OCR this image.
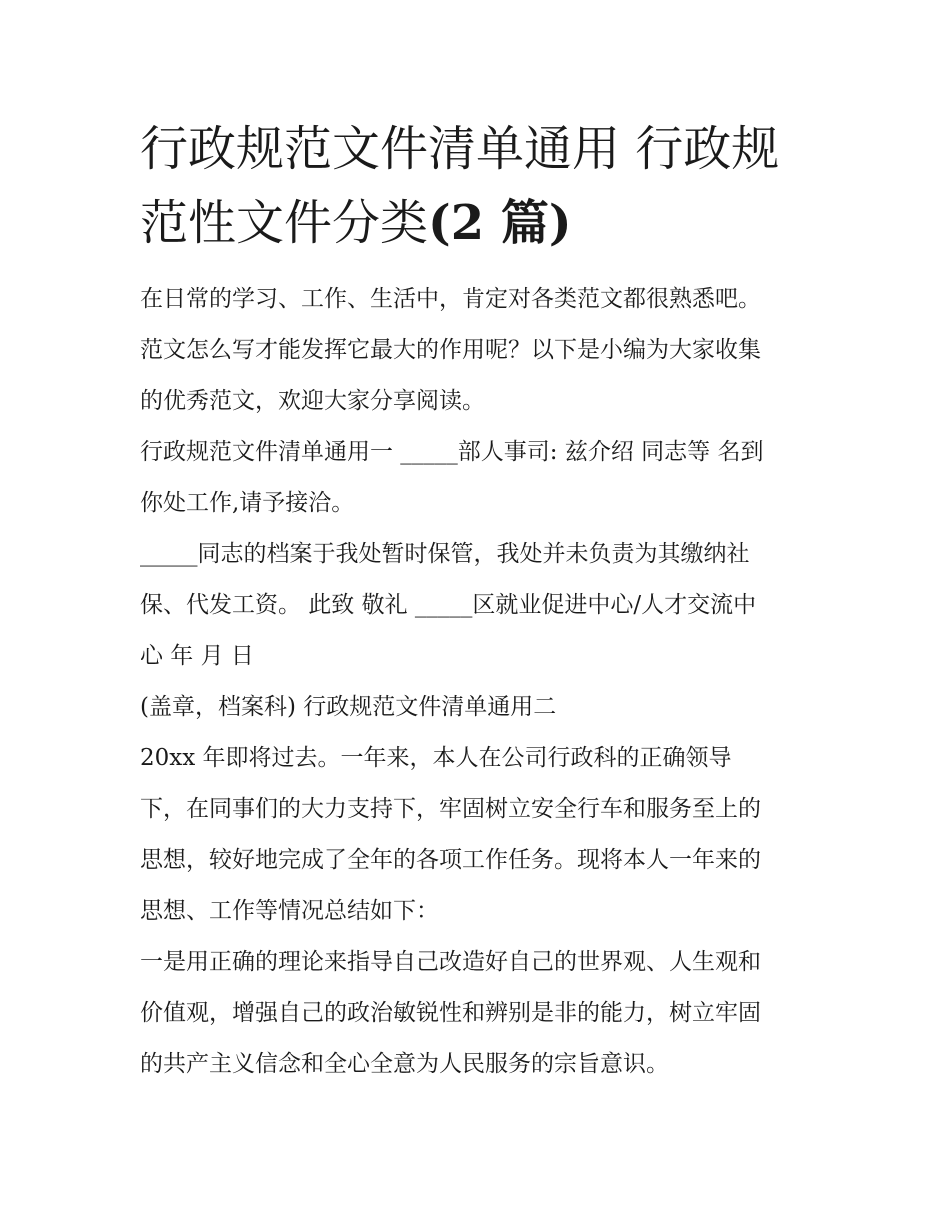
行政规范文件清单通用 行政规
范性文件分类(2 篇)
在日常的学习、工作、生活中，肯定对各类范文都很熟悉吧。
范文怎么写才能发挥它最大的作用呢？以下是小编为大家收集
的优秀范文，欢迎大家分享阅读。
行政规范文件清单通用一 _____部人事司: 兹介绍 同志等 名到
你处工作,请予接洽。
_____同志的档案于我处暂时保管，我处并未负责为其缴纳社
保、代发工资。 此致 敬礼 _____区就业促进中心/人才交流中
心 年 月 日
(盖章，档案科) 行政规范文件清单通用二
20xx 年即将过去。一年来，本人在公司行政科的正确领导
下，在同事们的大力支持下，牢固树立安全行车和服务至上的
思想，较好地完成了全年的各项工作任务。现将本人一年来的
思想、工作等情况总结如下：
一是用正确的理论来指导自己改造好自己的世界观、人生观和
价值观，增强自己的政治敏锐性和辨别是非的能力，树立牢固
的共产主义信念和全心全意为人民服务的宗旨意识。
